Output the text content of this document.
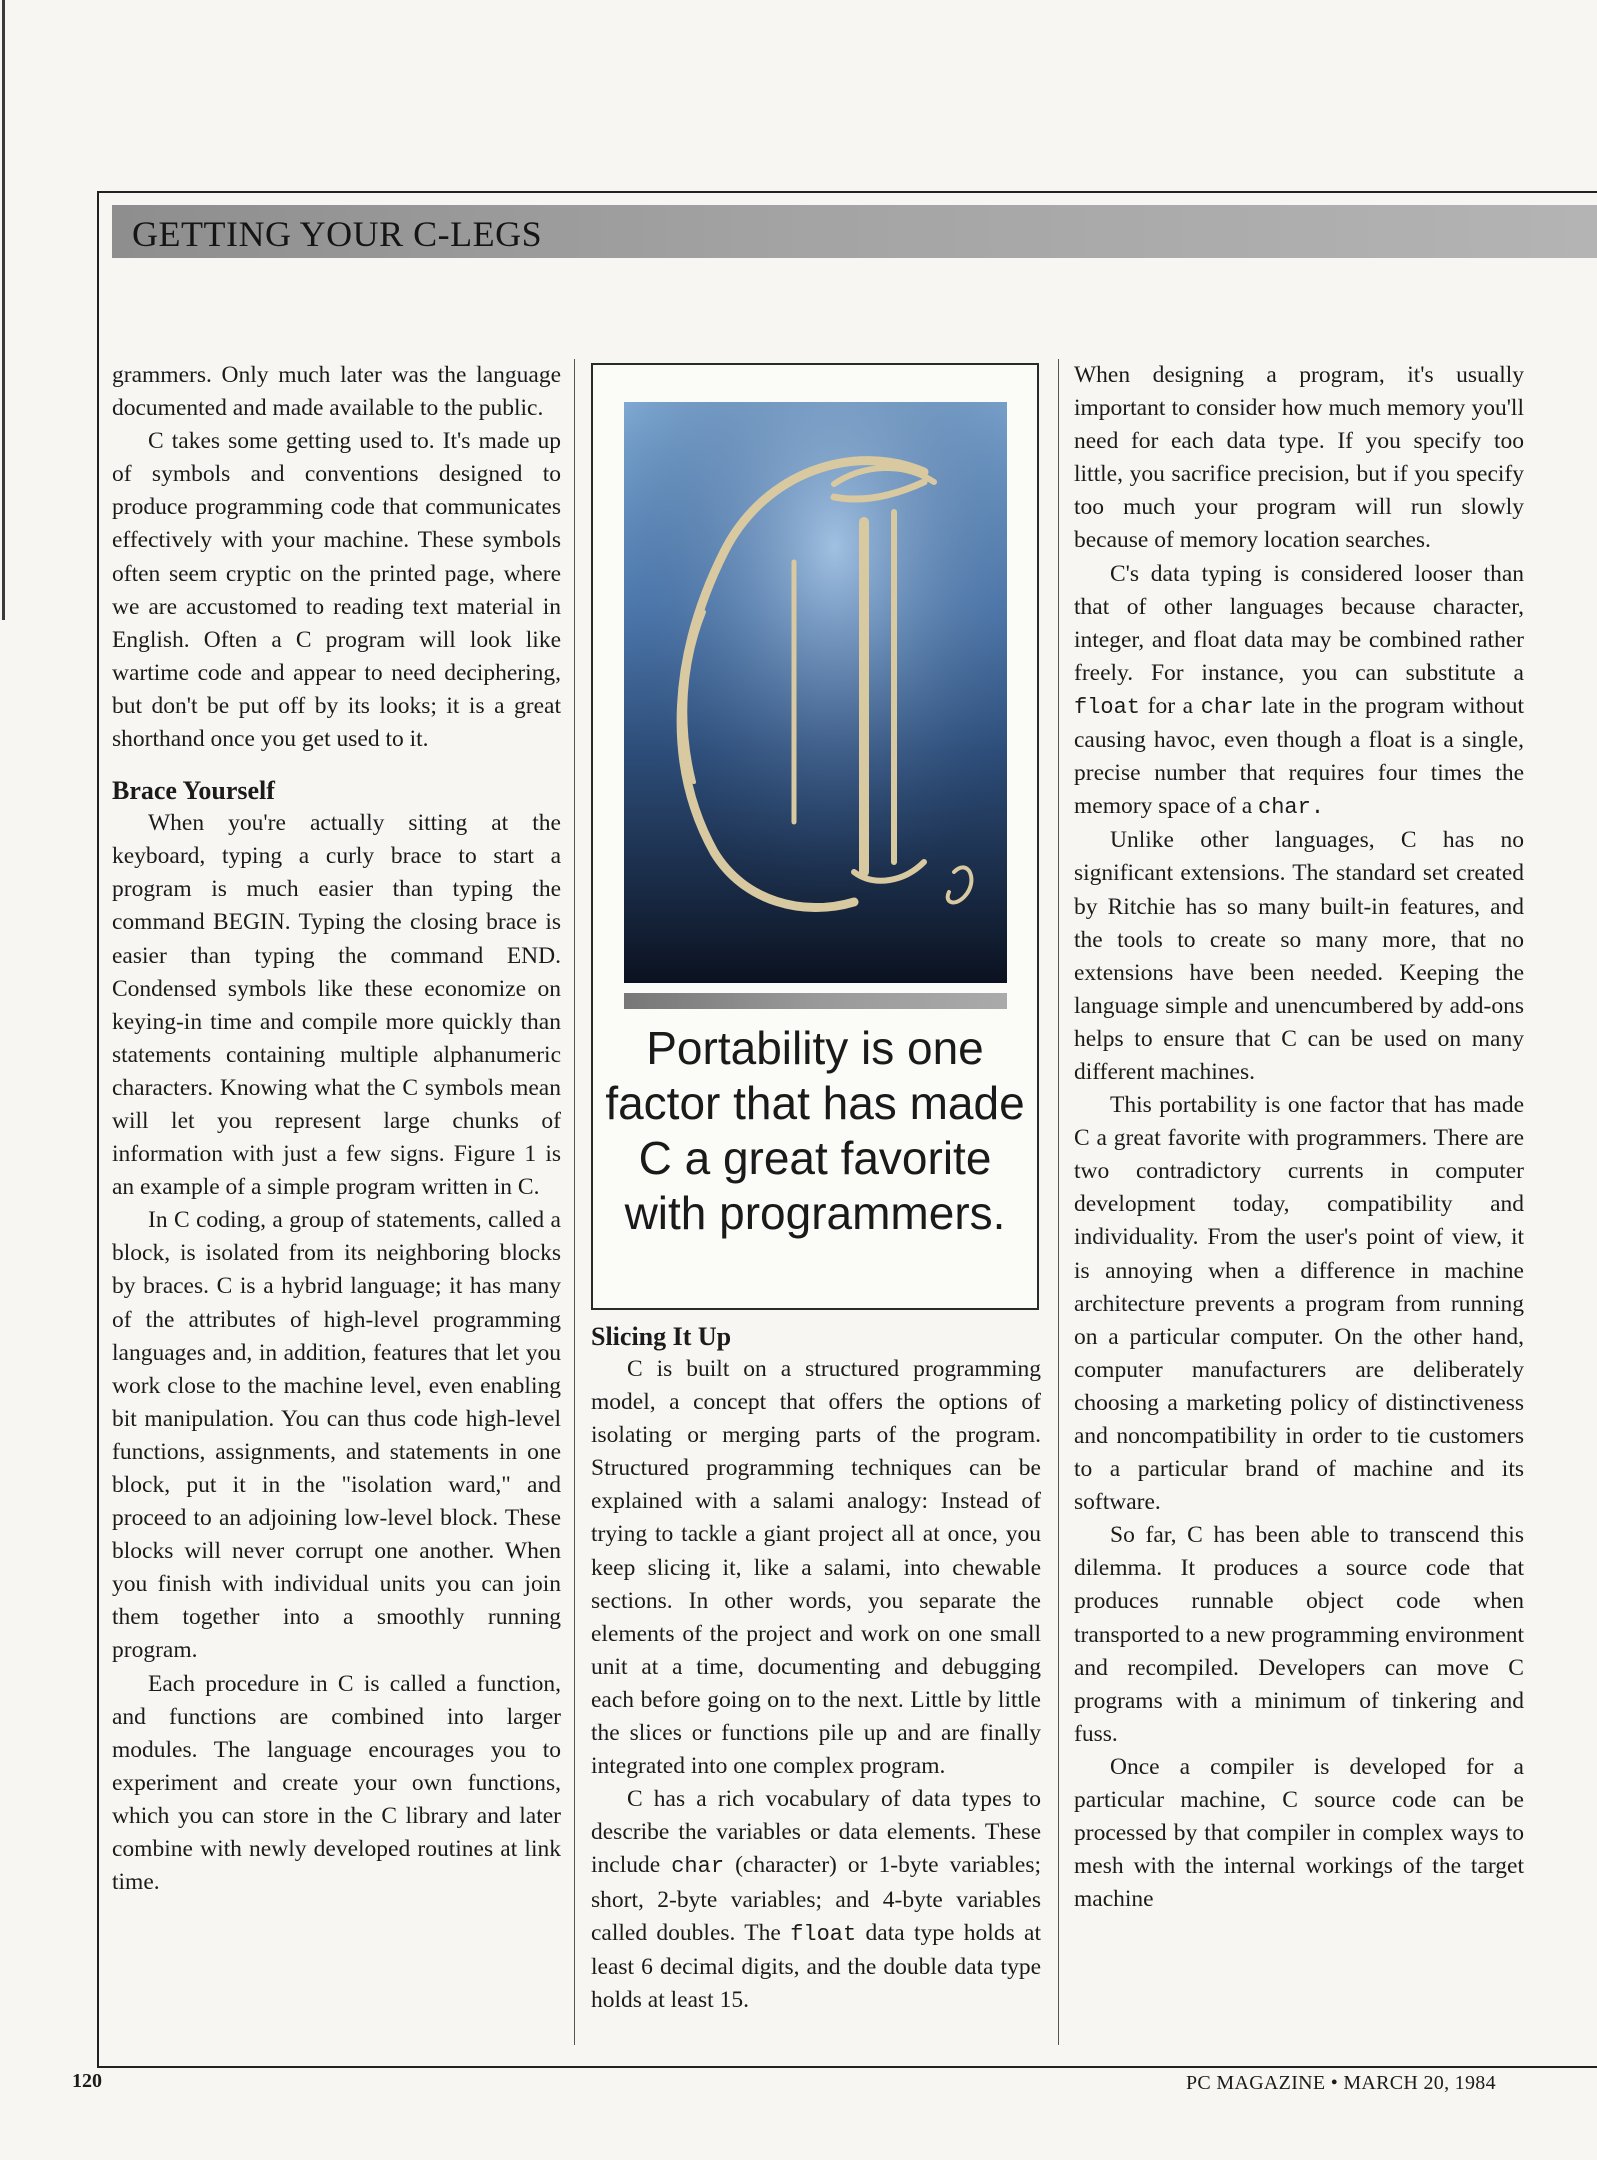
GETTING YOUR C-LEGS

grammers. Only much later was the language documented and made available to the public.

C takes some getting used to. It's made up of symbols and conventions designed to produce programming code that communicates effectively with your machine. These symbols often seem cryptic on the printed page, where we are accustomed to reading text material in English. Often a C program will look like wartime code and appear to need deciphering, but don't be put off by its looks; it is a great shorthand once you get used to it.

Brace Yourself

When you're actually sitting at the keyboard, typing a curly brace to start a program is much easier than typing the command BEGIN. Typing the closing brace is easier than typing the command END. Condensed symbols like these economize on keying-in time and compile more quickly than statements containing multiple alphanumeric characters. Knowing what the C symbols mean will let you represent large chunks of information with just a few signs. Figure 1 is an example of a simple program written in C.

In C coding, a group of statements, called a block, is isolated from its neighboring blocks by braces. C is a hybrid language; it has many of the attributes of high-level programming languages and, in addition, features that let you work close to the machine level, even enabling bit manipulation. You can thus code high-level functions, assignments, and statements in one block, put it in the "isolation ward," and proceed to an adjoining low-level block. These blocks will never corrupt one another. When you finish with individual units you can join them together into a smoothly running program.

Each procedure in C is called a function, and functions are combined into larger modules. The language encourages you to experiment and create your own functions, which you can store in the C library and later combine with newly developed routines at link time.

Portability is one factor that has made C a great favorite with programmers.
Slicing It Up

C is built on a structured programming model, a concept that offers the options of isolating or merging parts of the program. Structured programming techniques can be explained with a salami analogy: Instead of trying to tackle a giant project all at once, you keep slicing it, like a salami, into chewable sections. In other words, you separate the elements of the project and work on one small unit at a time, documenting and debugging each before going on to the next. Little by little the slices or functions pile up and are finally integrated into one complex program.

C has a rich vocabulary of data types to describe the variables or data elements. These include char (character) or 1-byte variables; short, 2-byte variables; and 4-byte variables called doubles. The float data type holds at least 6 decimal digits, and the double data type holds at least 15.

When designing a program, it's usually important to consider how much memory you'll need for each data type. If you specify too little, you sacrifice precision, but if you specify too much your program will run slowly because of memory location searches.

C's data typing is considered looser than that of other languages because character, integer, and float data may be combined rather freely. For instance, you can substitute a float for a char late in the program without causing havoc, even though a float is a single, precise number that requires four times the memory space of a char.

Unlike other languages, C has no significant extensions. The standard set created by Ritchie has so many built-in features, and the tools to create so many more, that no extensions have been needed. Keeping the language simple and unencumbered by add-ons helps to ensure that C can be used on many different machines.

This portability is one factor that has made C a great favorite with programmers. There are two contradictory currents in computer development today, compatibility and individuality. From the user's point of view, it is annoying when a difference in machine architecture prevents a program from running on a particular computer. On the other hand, computer manufacturers are deliberately choosing a marketing policy of distinctiveness and noncompatibility in order to tie customers to a particular brand of machine and its software.

So far, C has been able to transcend this dilemma. It produces a source code that produces runnable object code when transported to a new programming environment and recompiled. Developers can move C programs with a minimum of tinkering and fuss.

Once a compiler is developed for a particular machine, C source code can be processed by that compiler in complex ways to mesh with the internal workings of the target machine

120	PC MAGAZINE • MARCH 20, 1984
